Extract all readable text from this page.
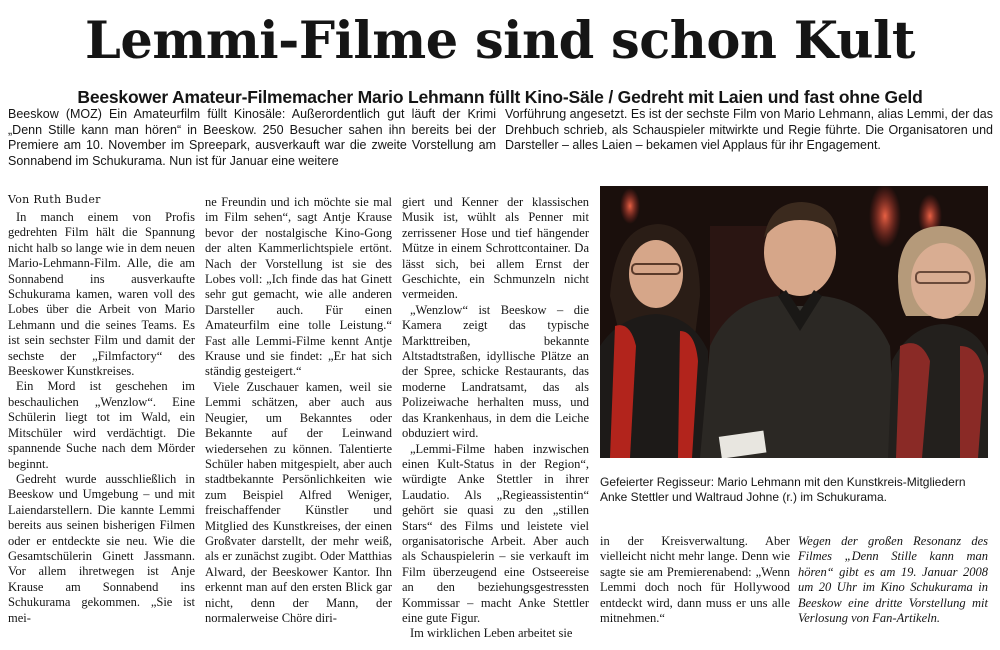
Lemmi-Filme sind schon Kult
Beeskower Amateur-Filmemacher Mario Lehmann füllt Kino-Säle / Gedreht mit Laien und fast ohne Geld

Beeskow (MOZ) Ein Amateurfilm füllt Kinosäle: Außerordentlich gut läuft der Krimi „Denn Stille kann man hören“ in Beeskow. 250 Besucher sahen ihn bereits bei der Premiere am 10. November im Spreepark, ausverkauft war die zweite Vorstellung am Sonnabend im Schukurama. Nun ist für Januar eine weitere

Vorführung angesetzt. Es ist der sechste Film von Mario Lehmann, alias Lemmi, der das Drehbuch schrieb, als Schauspieler mitwirkte und Regie führte. Die Organisatoren und Darsteller – alles Laien – bekamen viel Applaus für ihr Engagement.

Von Ruth Buder

In manch einem von Profis gedrehten Film hält die Spannung nicht halb so lange wie in dem neuen Mario-Lehmann-Film. Alle, die am Sonnabend ins ausverkaufte Schukurama kamen, waren voll des Lobes über die Arbeit von Mario Lehmann und die seines Teams. Es ist sein sechster Film und damit der sechste der „Filmfactory“ des Beeskower Kunstkreises.

Ein Mord ist geschehen im beschaulichen „Wenzlow“. Eine Schülerin liegt tot im Wald, ein Mitschüler wird verdächtigt. Die spannende Suche nach dem Mörder beginnt.

Gedreht wurde ausschließlich in Beeskow und Umgebung – und mit Laiendarstellern. Die kannte Lemmi bereits aus seinen bisherigen Filmen oder er entdeckte sie neu. Wie die Gesamtschülerin Ginett Jassmann. Vor allem ihretwegen ist Anje Krause am Sonnabend ins Schukurama gekommen. „Sie ist mei-

ne Freundin und ich möchte sie mal im Film sehen“, sagt Antje Krause bevor der nostalgische Kino-Gong der alten Kammerlichtspiele ertönt. Nach der Vorstellung ist sie des Lobes voll: „Ich finde das hat Ginett sehr gut gemacht, wie alle anderen Darsteller auch. Für einen Amateurfilm eine tolle Leistung.“ Fast alle Lemmi-Filme kennt Antje Krause und sie findet: „Er hat sich ständig gesteigert.“

Viele Zuschauer kamen, weil sie Lemmi schätzen, aber auch aus Neugier, um Bekanntes oder Bekannte auf der Leinwand wiedersehen zu können. Talentierte Schüler haben mitgespielt, aber auch stadtbekannte Persönlichkeiten wie zum Beispiel Alfred Weniger, freischaffender Künstler und Mitglied des Kunstkreises, der einen Großvater darstellt, der mehr weiß, als er zunächst zugibt. Oder Matthias Alward, der Beeskower Kantor. Ihn erkennt man auf den ersten Blick gar nicht, denn der Mann, der normalerweise Chöre diri-

giert und Kenner der klassischen Musik ist, wühlt als Penner mit zerrissener Hose und tief hängender Mütze in einem Schrottcontainer. Da lässt sich, bei allem Ernst der Geschichte, ein Schmunzeln nicht vermeiden.

„Wenzlow“ ist Beeskow – die Kamera zeigt das typische Markttreiben, bekannte Altstadtstraßen, idyllische Plätze an der Spree, schicke Restaurants, das moderne Landratsamt, das als Polizeiwache herhalten muss, und das Krankenhaus, in dem die Leiche obduziert wird.

„Lemmi-Filme haben inzwischen einen Kult-Status in der Region“, würdigte Anke Stettler in ihrer Laudatio. Als „Regieassistentin“ gehört sie quasi zu den „stillen Stars“ des Films und leistete viel organisatorische Arbeit. Aber auch als Schauspielerin – sie verkauft im Film überzeugend eine Ostseereise an den beziehungsgestressten Kommissar – macht Anke Stettler eine gute Figur.

Im wirklichen Leben arbeitet sie

Gefeierter Regisseur: Mario Lehmann mit den Kunstkreis-Mitgliedern Anke Stettler und Waltraud Johne (r.) im Schukurama.

in der Kreisverwaltung. Aber vielleicht nicht mehr lange. Denn wie sagte sie am Premierenabend: „Wenn Lemmi doch noch für Hollywood entdeckt wird, dann muss er uns alle mitnehmen.“

Wegen der großen Resonanz des Filmes „Denn Stille kann man hören“ gibt es am 19. Januar 2008 um 20 Uhr im Kino Schukurama in Beeskow eine dritte Vorstellung mit Verlosung von Fan-Artikeln.
